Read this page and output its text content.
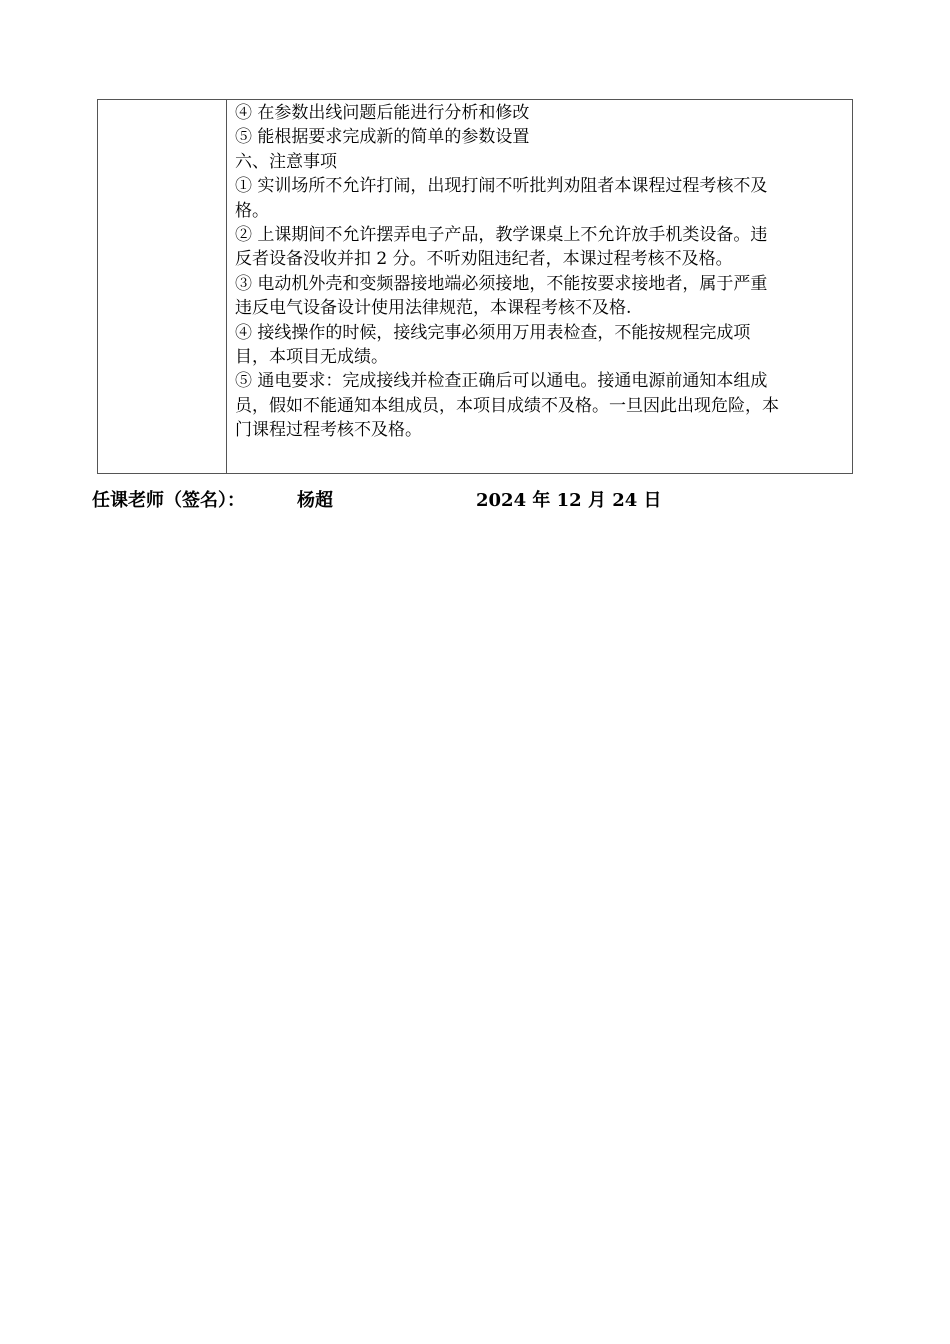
④ 在参数出线问题后能进行分析和修改
⑤ 能根据要求完成新的简单的参数设置
六、注意事项
① 实训场所不允许打闹，出现打闹不听批判劝阻者本课程过程考核不及
格。
② 上课期间不允许摆弄电子产品，教学课桌上不允许放手机类设备。违
反者设备没收并扣 2 分。不听劝阻违纪者，本课过程考核不及格。
③ 电动机外壳和变频器接地端必须接地，不能按要求接地者，属于严重
违反电气设备设计使用法律规范，本课程考核不及格.
④ 接线操作的时候，接线完事必须用万用表检查，不能按规程完成项
目，本项目无成绩。
⑤ 通电要求：完成接线并检查正确后可以通电。接通电源前通知本组成
员，假如不能通知本组成员，本项目成绩不及格。一旦因此出现危险，本
门课程过程考核不及格。
任课老师（签名）：	杨超	2024 年 12 月 24 日
